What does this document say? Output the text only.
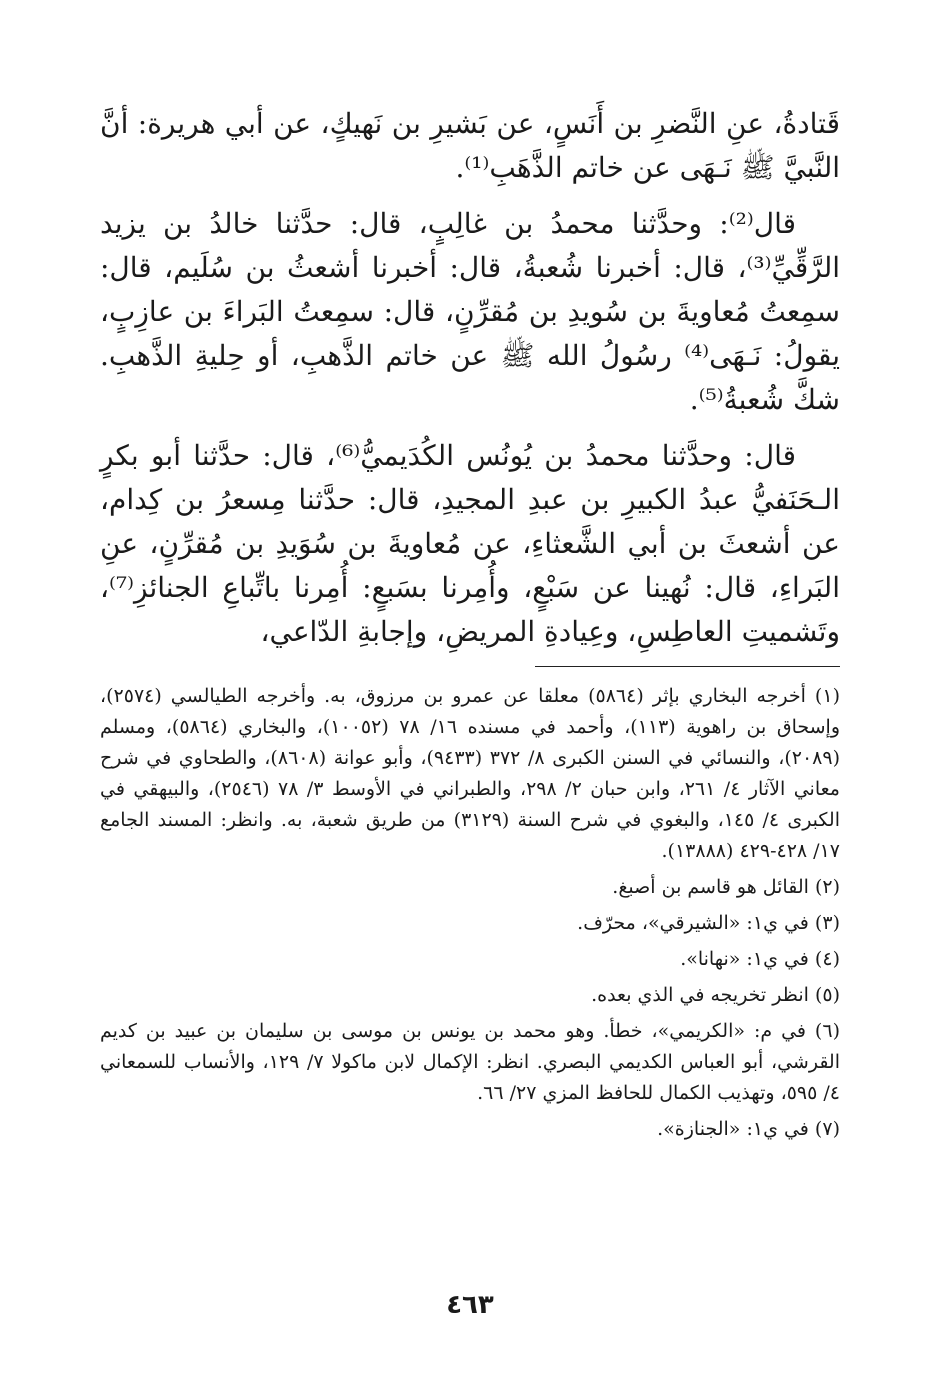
قَتادةُ، عنِ النَّضرِ بن أَنَسٍ، عن بَشيرِ بن نَهيكٍ، عن أبي هريرة: أنَّ النَّبيَّ ﷺ نَـهَى عن خاتم الذَّهَبِ⁽¹⁾.

قال⁽²⁾: وحدَّثنا محمدُ بن غالِبٍ، قال: حدَّثنا خالدُ بن يزيد الرَّقِّيِّ⁽³⁾، قال: أخبرنا شُعبةُ، قال: أخبرنا أشعثُ بن سُلَيم، قال: سمِعتُ مُعاويةَ بن سُويدِ بن مُقرِّنٍ، قال: سمِعتُ البَراءَ بن عازِبٍ، يقولُ: نَـهَى⁽⁴⁾ رسُولُ الله ﷺ عن خاتم الذَّهبِ، أو حِليةِ الذَّهبِ. شكَّ شُعبةُ⁽⁵⁾.

قال: وحدَّثنا محمدُ بن يُونُس الكُدَيميُّ⁽⁶⁾، قال: حدَّثنا أبو بكرٍ الـحَنَفيُّ عبدُ الكبيرِ بن عبدِ المجيدِ، قال: حدَّثنا مِسعرُ بن كِدام، عن أشعثَ بن أبي الشَّعثاءِ، عن مُعاويةَ بن سُوَيدِ بن مُقرِّنٍ، عنِ البَراءِ، قال: نُهينا عن سَبْعٍ، وأُمِرنا بسَبعٍ: أُمِرنا باتِّباعِ الجنائزِ⁽⁷⁾، وتَشميتِ العاطِسِ، وعِيادةِ المريضِ، وإجابةِ الدّاعي،

(١) أخرجه البخاري بإثر (٥٨٦٤) معلقا عن عمرو بن مرزوق، به. وأخرجه الطيالسي (٢٥٧٤)، وإسحاق بن راهوية (١١٣)، وأحمد في مسنده ١٦/ ٧٨ (١٠٠٥٢)، والبخاري (٥٨٦٤)، ومسلم (٢٠٨٩)، والنسائي في السنن الكبرى ٨/ ٣٧٢ (٩٤٣٣)، وأبو عوانة (٨٦٠٨)، والطحاوي في شرح معاني الآثار ٤/ ٢٦١، وابن حبان ٢/ ٢٩٨، والطبراني في الأوسط ٣/ ٧٨ (٢٥٤٦)، والبيهقي في الكبرى ٤/ ١٤٥، والبغوي في شرح السنة (٣١٢٩) من طريق شعبة، به. وانظر: المسند الجامع ١٧/ ٤٢٨-٤٢٩ (١٣٨٨٨).
(٢) القائل هو قاسم بن أصبغ.
(٣) في ي١: «الشيرقي»، محرّف.
(٤) في ي١: «نهانا».
(٥) انظر تخريجه في الذي بعده.
(٦) في م: «الكريمي»، خطأ. وهو محمد بن يونس بن موسى بن سليمان بن عبيد بن كديم القرشي، أبو العباس الكديمي البصري. انظر: الإكمال لابن ماكولا ٧/ ١٢٩، والأنساب للسمعاني ٤/ ٥٩٥، وتهذيب الكمال للحافظ المزي ٢٧/ ٦٦.
(٧) في ي١: «الجنازة».
٤٦٣
